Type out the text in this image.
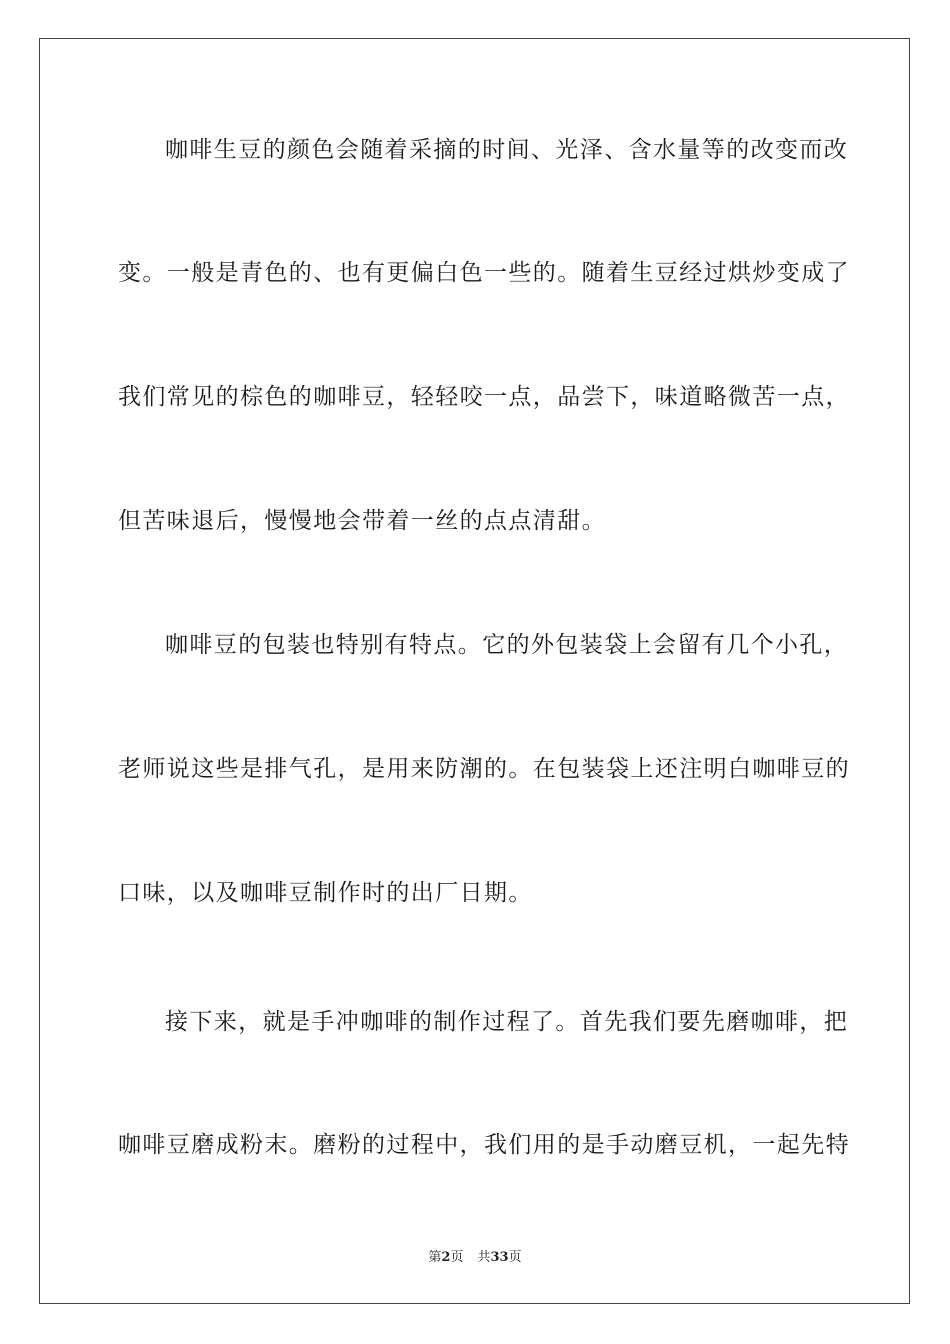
咖啡生豆的颜色会随着采摘的时间、光泽、含水量等的改变而改
变。一般是青色的、也有更偏白色一些的。随着生豆经过烘炒变成了
我们常见的棕色的咖啡豆，轻轻咬一点，品尝下，味道略微苦一点，
但苦味退后，慢慢地会带着一丝的点点清甜。
咖啡豆的包装也特别有特点。它的外包装袋上会留有几个小孔，
老师说这些是排气孔，是用来防潮的。在包装袋上还注明白咖啡豆的
口味，以及咖啡豆制作时的出厂日期。
接下来，就是手冲咖啡的制作过程了。首先我们要先磨咖啡，把
咖啡豆磨成粉末。磨粉的过程中，我们用的是手动磨豆机，一起先特
第2页 共33页
